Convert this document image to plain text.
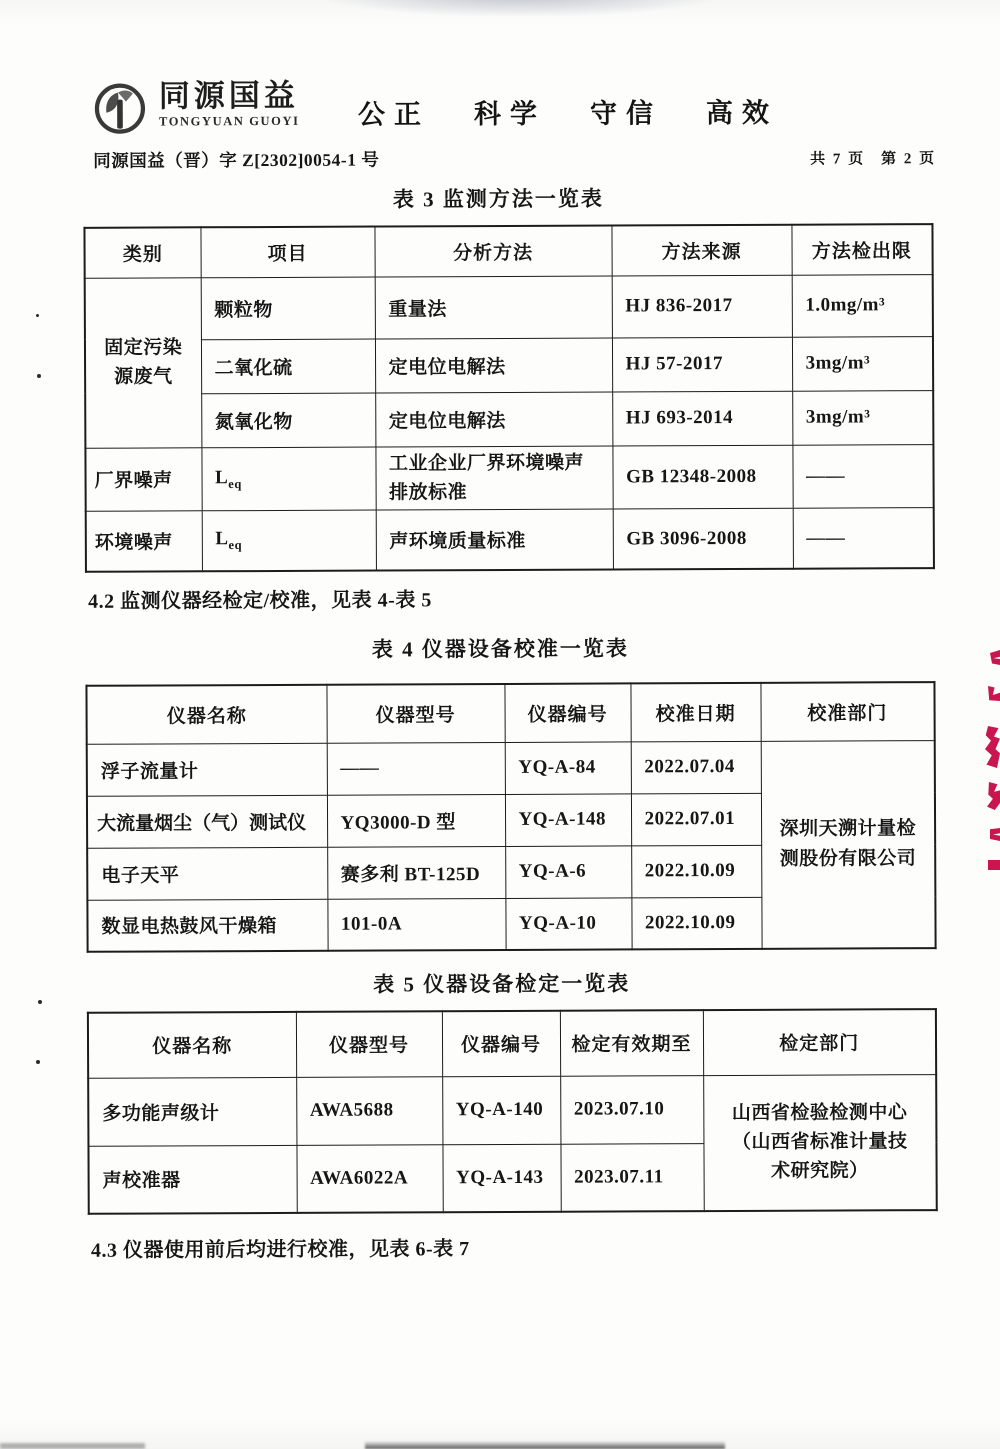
同源国益
TONGYUAN GUOYI 公正 科学 守信 高效
同源国益（晋）字 Z[2302]0054-1 号	共 7 页 第 2 页
表 3 监测方法一览表
类别	项目	分析方法	方法来源	方法检出限
固定污染源废气	颗粒物	重量法	HJ 836-2017	1.0mg/m³
	二氧化硫	定电位电解法	HJ 57-2017	3mg/m³
	氮氧化物	定电位电解法	HJ 693-2014	3mg/m³
厂界噪声	$L_{eq}$	工业企业厂界环境噪声排放标准	GB 12348-2008	——
环境噪声	$L_{eq}$	声环境质量标准	GB 3096-2008	——

4.2 监测仪器经检定/校准，见表 4-表 5

表 4 仪器设备校准一览表
仪器名称	仪器型号	仪器编号	校准日期	校准部门
浮子流量计	——	YQ-A-84	2022.07.04	深圳天溯计量检测股份有限公司
大流量烟尘（气）测试仪	YQ3000-D 型	YQ-A-148	2022.07.01	
电子天平	赛多利 BT-125D	YQ-A-6	2022.10.09	
数显电热鼓风干燥箱	101-0A	YQ-A-10	2022.10.09	
表 5 仪器设备检定一览表
仪器名称	仪器型号	仪器编号	检定有效期至	检定部门
多功能声级计	AWA5688	YQ-A-140	2023.07.10	山西省检验检测中心（山西省标准计量技术研究院）
声校准器	AWA6022A	YQ-A-143	2023.07.11	

4.3 仪器使用前后均进行校准，见表 6-表 7
